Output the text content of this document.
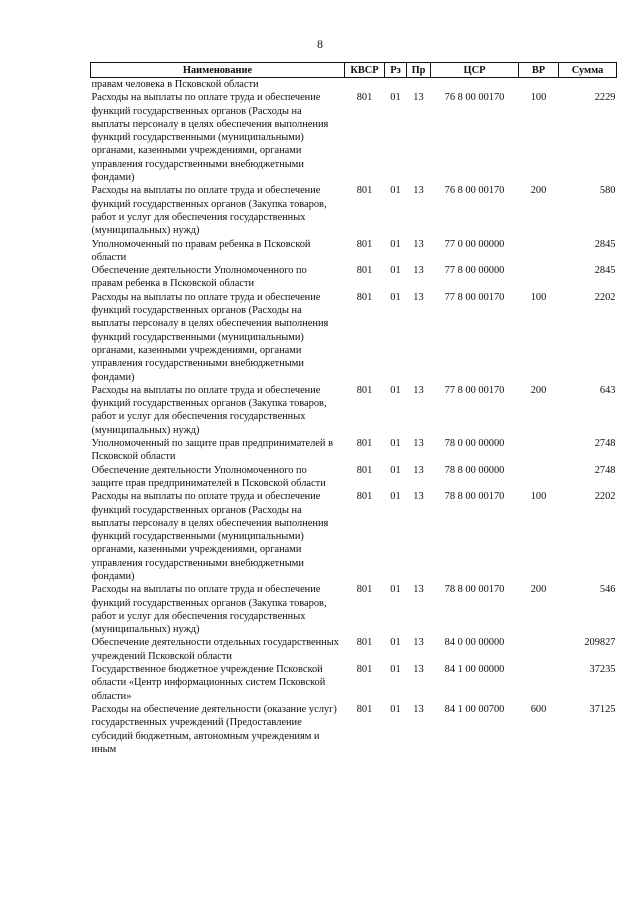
8
Наименование	КВСР	Рз	Пр	ЦСР	ВР	Сумма
правам человека в Псковской области						
Расходы на выплаты по оплате труда и обеспечение функций государственных органов (Расходы на выплаты персоналу в целях обеспечения выполнения функций государственными (муниципальными) органами, казенными учреждениями, органами управления государственными внебюджетными фондами)	801	01	13	76 8 00 00170	100	2229
Расходы на выплаты по оплате труда и обеспечение функций государственных органов (Закупка товаров, работ и услуг для обеспечения государственных (муниципальных) нужд)	801	01	13	76 8 00 00170	200	580
Уполномоченный по правам ребенка в Псковской области	801	01	13	77 0 00 00000		2845
Обеспечение деятельности Уполномоченного по правам ребенка в Псковской области	801	01	13	77 8 00 00000		2845
Расходы на выплаты по оплате труда и обеспечение функций государственных органов (Расходы на выплаты персоналу в целях обеспечения выполнения функций государственными (муниципальными) органами, казенными учреждениями, органами управления государственными внебюджетными фондами)	801	01	13	77 8 00 00170	100	2202
Расходы на выплаты по оплате труда и обеспечение функций государственных органов (Закупка товаров, работ и услуг для обеспечения государственных (муниципальных) нужд)	801	01	13	77 8 00 00170	200	643
Уполномоченный по защите прав предпринимателей в Псковской области	801	01	13	78 0 00 00000		2748
Обеспечение деятельности Уполномоченного по защите прав предпринимателей в Псковской области	801	01	13	78 8 00 00000		2748
Расходы на выплаты по оплате труда и обеспечение функций государственных органов (Расходы на выплаты персоналу в целях обеспечения выполнения функций государственными (муниципальными) органами, казенными учреждениями, органами управления государственными внебюджетными фондами)	801	01	13	78 8 00 00170	100	2202
Расходы на выплаты по оплате труда и обеспечение функций государственных органов (Закупка товаров, работ и услуг для обеспечения государственных (муниципальных) нужд)	801	01	13	78 8 00 00170	200	546
Обеспечение деятельности отдельных государственных учреждений Псковской области	801	01	13	84 0 00 00000		209827
Государственное бюджетное учреждение Псковской области «Центр информационных систем Псковской области»	801	01	13	84 1 00 00000		37235
Расходы на обеспечение деятельности (оказание услуг) государственных учреждений (Предоставление субсидий бюджетным, автономным учреждениям и иным	801	01	13	84 1 00 00700	600	37125
